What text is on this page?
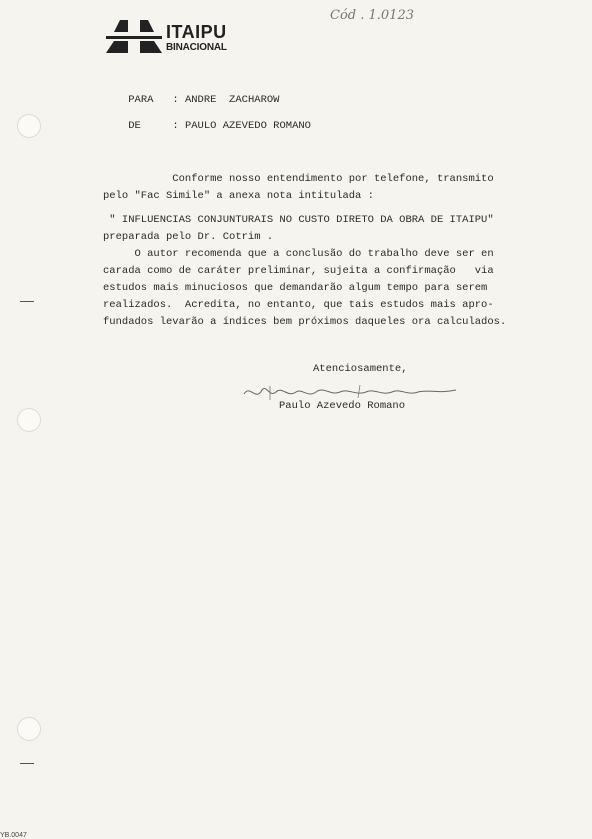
ITAIPU
BINACIONAL
Cód . 1.0123

PARA   : ANDRE  ZACHAROW

DE     : PAULO AZEVEDO ROMANO

Conforme nosso entendimento por telefone, transmito
pelo "Fac Simile" a anexa nota intitulada :
" INFLUENCIAS CONJUNTURAIS NO CUSTO DIRETO DA OBRA DE ITAIPU"
preparada pelo Dr. Cotrim .
O autor recomenda que a conclusão do trabalho deve ser en
carada como de caráter preliminar, sujeita a confirmação   via
estudos mais minuciosos que demandarão algum tempo para serem
realizados.  Acredita, no entanto, que tais estudos mais apro-
fundados levarão a índices bem próximos daqueles ora calculados.
Atenciosamente,
Paulo Azevedo Romano
YB.0047
